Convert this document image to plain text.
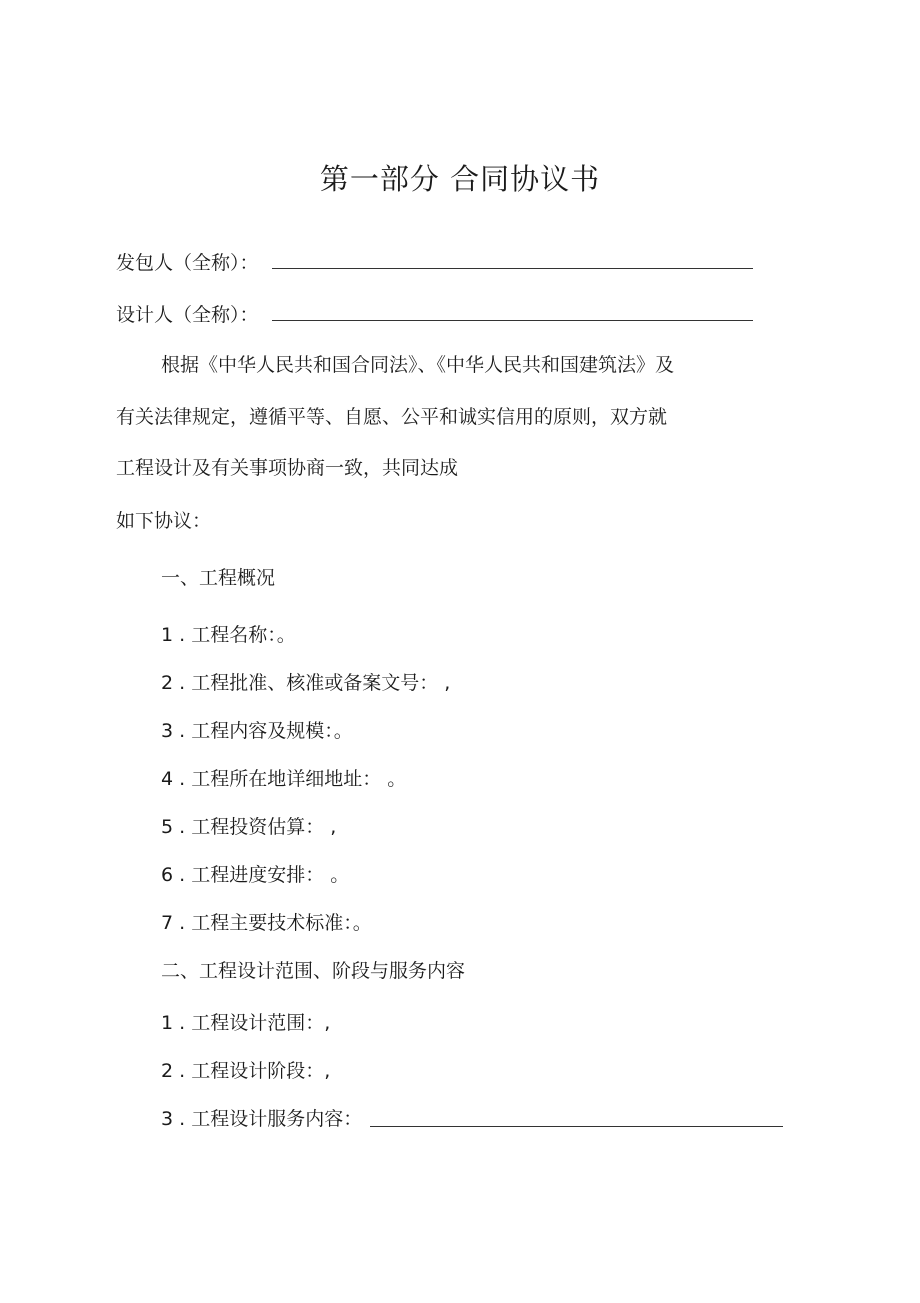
第一部分 合同协议书
发包人（全称）：
设计人（全称）：
根据《中华人民共和国合同法》、《中华人民共和国建筑法》及
有关法律规定，遵循平等、自愿、公平和诚实信用的原则，双方就
工程设计及有关事项协商一致，共同达成
如下协议：
一、工程概况
1 . 工程名称：。
2 . 工程批准、核准或备案文号： ,
3 . 工程内容及规模：。
4 . 工程所在地详细地址： 。
5 . 工程投资估算： ,
6 . 工程进度安排： 。
7 . 工程主要技术标准：。
二、工程设计范围、阶段与服务内容
1 . 工程设计范围：,
2 . 工程设计阶段：,
3 . 工程设计服务内容：
